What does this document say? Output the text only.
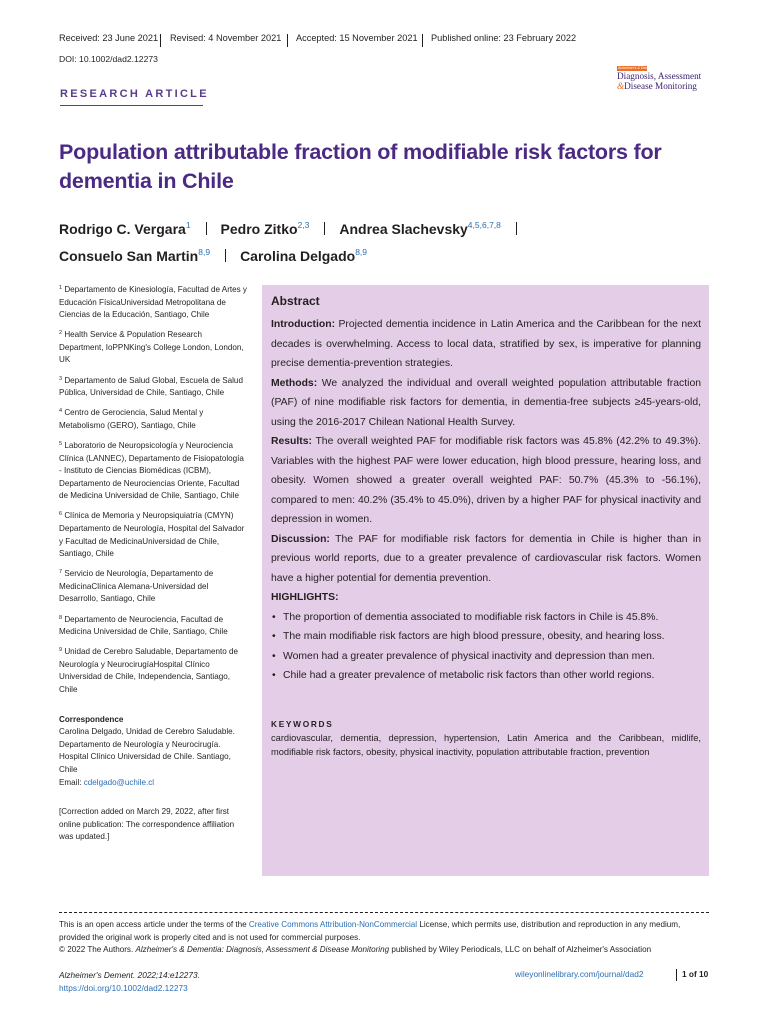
Received: 23 June 2021 Revised: 4 November 2021 Accepted: 15 November 2021 Published online: 23 February 2022
DOI: 10.1002/dad2.12273
Alzheimer's & Dementia
Diagnosis, Assessment
&Disease Monitoring
RESEARCH ARTICLE
Population attributable fraction of modifiable risk factors for dementia in Chile
Rodrigo C. Vergara$^1$ Pedro Zitko$^{2,3}$ Andrea Slachevsky$^{4,5,6,7,8}$
Consuelo San Martin$^{8,9}$ Carolina Delgado$^{8,9}$
$^1$ Departamento de Kinesiología, Facultad de Artes y Educación FísicaUniversidad Metropolitana de Ciencias de la Educación, Santiago, Chile
$^2$ Health Service & Population Research Department, IoPPNKing's College London, London, UK
$^3$ Departamento de Salud Global, Escuela de Salud Pública, Universidad de Chile, Santiago, Chile
$^4$ Centro de Gerociencia, Salud Mental y Metabolismo (GERO), Santiago, Chile
$^5$ Laboratorio de Neuropsicología y Neurociencia Clínica (LANNEC), Departamento de Fisiopatología - Instituto de Ciencias Biomédicas (ICBM), Departamento de Neurociencias Oriente, Facultad de Medicina Universidad de Chile, Santiago, Chile
$^6$ Clínica de Memoria y Neuropsiquiatría (CMYN) Departamento de Neurología, Hospital del Salvador y Facultad de MedicinaUniversidad de Chile, Santiago, Chile
$^7$ Servicio de Neurología, Departamento de MedicinaClínica Alemana-Universidad del Desarrollo, Santiago, Chile
$^8$ Departamento de Neurociencia, Facultad de Medicina Universidad de Chile, Santiago, Chile
$^9$ Unidad de Cerebro Saludable, Departamento de Neurología y NeurocirugíaHospital Clínico Universidad de Chile, Independencia, Santiago, Chile
Correspondence
Carolina Delgado, Unidad de Cerebro Saludable. Departamento de Neurología y Neurocirugía. Hospital Clínico Universidad de Chile. Santiago, Chile
Email: cdelgado@uchile.cl
[Correction added on March 29, 2022, after first online publication: The correspondence affiliation was updated.]
Abstract

Introduction: Projected dementia incidence in Latin America and the Caribbean for the next decades is overwhelming. Access to local data, stratified by sex, is imperative for planning precise dementia-prevention strategies.

Methods: We analyzed the individual and overall weighted population attributable fraction (PAF) of nine modifiable risk factors for dementia, in dementia-free subjects ≥45-years-old, using the 2016-2017 Chilean National Health Survey.

Results: The overall weighted PAF for modifiable risk factors was 45.8% (42.2% to 49.3%). Variables with the highest PAF were lower education, high blood pressure, hearing loss, and obesity. Women showed a greater overall weighted PAF: 50.7% (45.3% to -56.1%), compared to men: 40.2% (35.4% to 45.0%), driven by a higher PAF for physical inactivity and depression in women.

Discussion: The PAF for modifiable risk factors for dementia in Chile is higher than in previous world reports, due to a greater prevalence of cardiovascular risk factors. Women have a higher potential for dementia prevention.

HIGHLIGHTS:

• The proportion of dementia associated to modifiable risk factors in Chile is 45.8%.
• The main modifiable risk factors are high blood pressure, obesity, and hearing loss.
• Women had a greater prevalence of physical inactivity and depression than men.
• Chile had a greater prevalence of metabolic risk factors than other world regions.
KEYWORDS
cardiovascular, dementia, depression, hypertension, Latin America and the Caribbean, midlife, modifiable risk factors, obesity, physical inactivity, population attributable fraction, prevention
This is an open access article under the terms of the Creative Commons Attribution-NonCommercial License, which permits use, distribution and reproduction in any medium, provided the original work is properly cited and is not used for commercial purposes.
© 2022 The Authors. Alzheimer's & Dementia: Diagnosis, Assessment & Disease Monitoring published by Wiley Periodicals, LLC on behalf of Alzheimer's Association
Alzheimer's Dement. 2022;14:e12273.
https://doi.org/10.1002/dad2.12273
wileyonlinelibrary.com/journal/dad2	1 of 10
